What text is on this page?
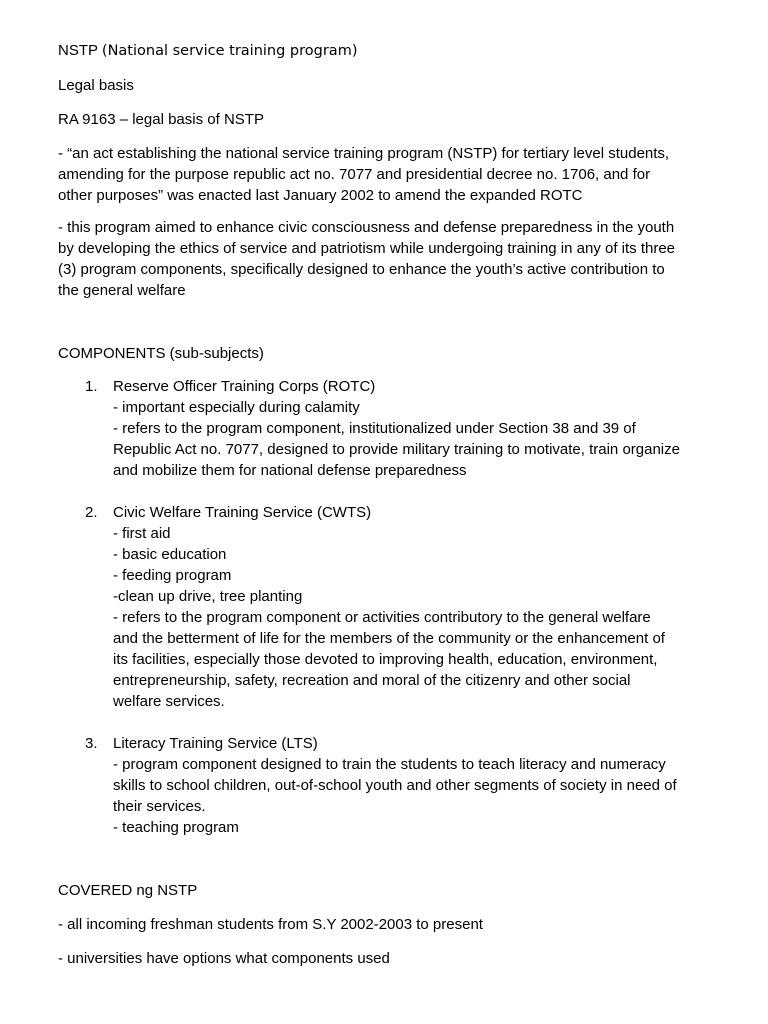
NSTP (National service training program)

Legal basis

RA 9163 – legal basis of NSTP

- “an act establishing the national service training program (NSTP) for tertiary level students,

amending for the purpose republic act no. 7077 and presidential decree no. 1706, and for

other purposes” was enacted last January 2002 to amend the expanded ROTC

- this program aimed to enhance civic consciousness and defense preparedness in the youth

by developing the ethics of service and patriotism while undergoing training in any of its three

(3) program components, specifically designed to enhance the youth’s active contribution to

the general welfare

COMPONENTS (sub-subjects)

1. Reserve Officer Training Corps (ROTC)

- important especially during calamity

- refers to the program component, institutionalized under Section 38 and 39 of

Republic Act no. 7077, designed to provide military training to motivate, train organize

and mobilize them for national defense preparedness

2. Civic Welfare Training Service (CWTS)

- first aid

- basic education

- feeding program

-clean up drive, tree planting

- refers to the program component or activities contributory to the general welfare

and the betterment of life for the members of the community or the enhancement of

its facilities, especially those devoted to improving health, education, environment,

entrepreneurship, safety, recreation and moral of the citizenry and other social

welfare services.

3. Literacy Training Service (LTS)

- program component designed to train the students to teach literacy and numeracy

skills to school children, out-of-school youth and other segments of society in need of

their services.

- teaching program

COVERED ng NSTP

- all incoming freshman students from S.Y 2002-2003 to present

- universities have options what components used
